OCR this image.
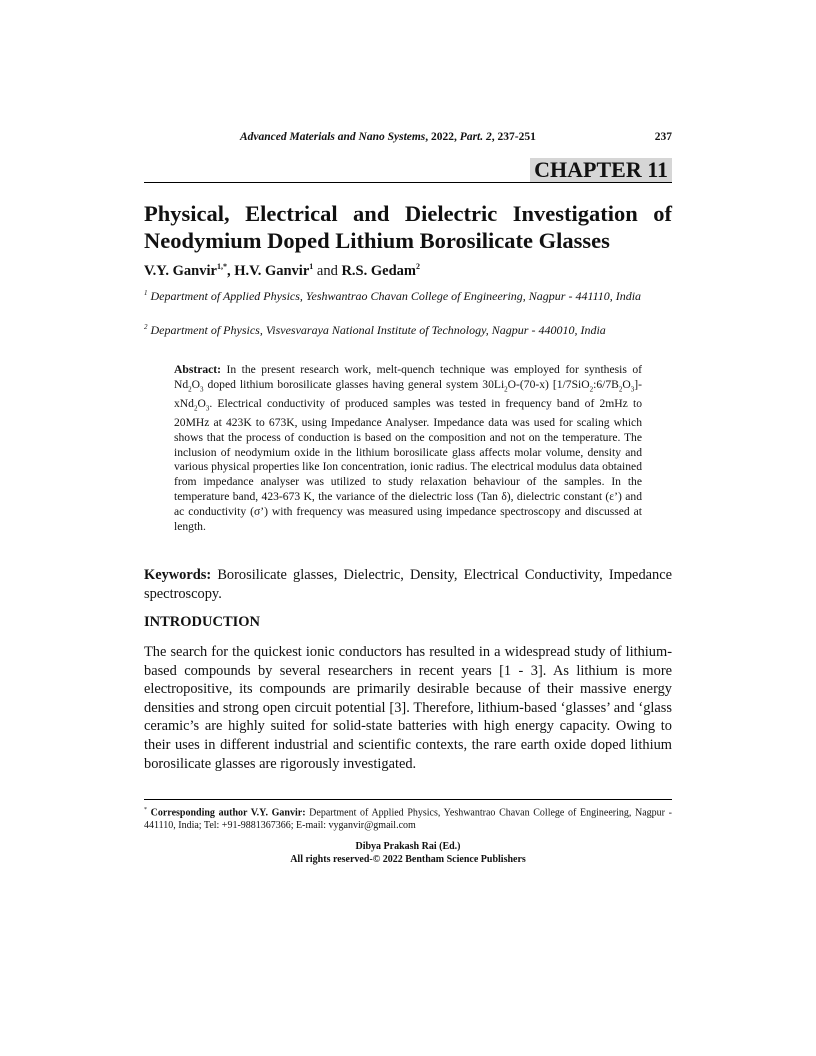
Advanced Materials and Nano Systems, 2022, Part. 2, 237-251	237
CHAPTER 11
Physical, Electrical and Dielectric Investigation of Neodymium Doped Lithium Borosilicate Glasses
V.Y. Ganvir$^{1,*}$, H.V. Ganvir$^1$ and R.S. Gedam$^2$
$^1$ Department of Applied Physics, Yeshwantrao Chavan College of Engineering, Nagpur - 441110, India
$^2$ Department of Physics, Visvesvaraya National Institute of Technology, Nagpur - 440010, India
Abstract: In the present research work, melt-quench technique was employed for synthesis of $Nd_2O_3$ doped lithium borosilicate glasses having general system $30Li_2O-(70-x)$ $[1/7SiO_2:6/7B_2O_3]-xNd_2O_3$. Electrical conductivity of produced samples was tested in frequency band of 2mHz to 20MHz at 423K to 673K, using Impedance Analyser. Impedance data was used for scaling which shows that the process of conduction is based on the composition and not on the temperature. The inclusion of neodymium oxide in the lithium borosilicate glass affects molar volume, density and various physical properties like Ion concentration, ionic radius. The electrical modulus data obtained from impedance analyser was utilized to study relaxation behaviour of the samples. In the temperature band, 423-673 K, the variance of the dielectric loss (Tan δ), dielectric constant (ε’) and ac conductivity (σ’) with frequency was measured using impedance spectroscopy and discussed at length.
Keywords: Borosilicate glasses, Dielectric, Density, Electrical Conductivity, Impedance spectroscopy.
INTRODUCTION
The search for the quickest ionic conductors has resulted in a widespread study of lithium-based compounds by several researchers in recent years [1 - 3]. As lithium is more electropositive, its compounds are primarily desirable because of their massive energy densities and strong open circuit potential [3]. Therefore, lithium-based ‘glasses’ and ‘glass ceramic’s are highly suited for solid-state batteries with high energy capacity. Owing to their uses in different industrial and scientific contexts, the rare earth oxide doped lithium borosilicate glasses are rigorously investigated.
* Corresponding author V.Y. Ganvir: Department of Applied Physics, Yeshwantrao Chavan College of Engineering, Nagpur - 441110, India; Tel: +91-9881367366; E-mail: vyganvir@gmail.com
Dibya Prakash Rai (Ed.)
All rights reserved-© 2022 Bentham Science Publishers
